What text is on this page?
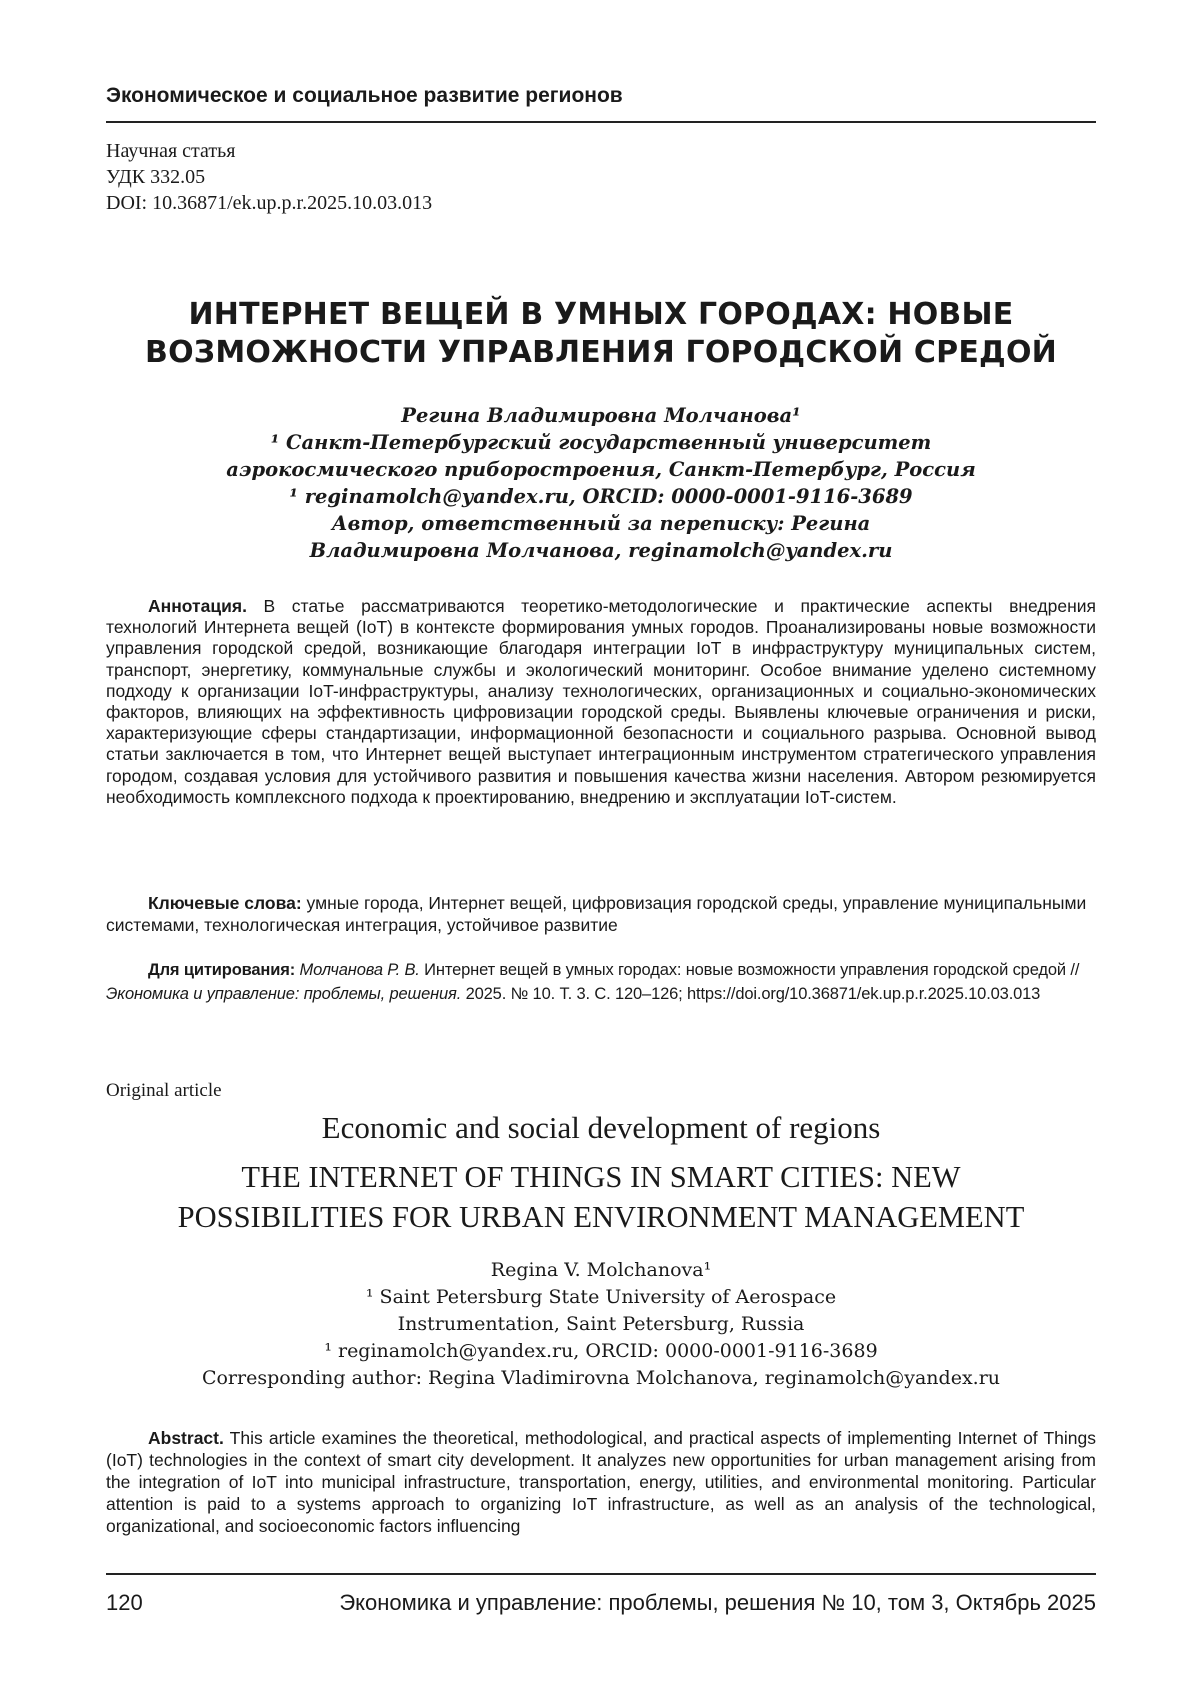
Экономическое и социальное развитие регионов
Научная статья
УДК 332.05
DOI: 10.36871/ek.up.p.r.2025.10.03.013
ИНТЕРНЕТ ВЕЩЕЙ В УМНЫХ ГОРОДАХ: НОВЫЕ
ВОЗМОЖНОСТИ УПРАВЛЕНИЯ ГОРОДСКОЙ СРЕДОЙ
Регина Владимировна Молчанова¹
¹ Санкт-Петербургский государственный университет
аэрокосмического приборостроения, Санкт-Петербург, Россия
¹ reginamolch@yandex.ru, ORCID: 0000-0001-9116-3689
Автор, ответственный за переписку: Регина
Владимировна Молчанова, reginamolch@yandex.ru

Аннотация. В статье рассматриваются теоретико-методологические и практические аспекты внедрения технологий Интернета вещей (IoT) в контексте формирования умных городов. Проанализированы новые возможности управления городской средой, возникающие благодаря интеграции IoT в инфраструктуру муниципальных систем, транспорт, энергетику, коммунальные службы и экологический мониторинг. Особое внимание уделено системному подходу к организации IoT-инфраструктуры, анализу технологических, организационных и социально-экономических факторов, влияющих на эффективность цифровизации городской среды. Выявлены ключевые ограничения и риски, характеризующие сферы стандартизации, информационной безопасности и социального разрыва. Основной вывод статьи заключается в том, что Интернет вещей выступает интеграционным инструментом стратегического управления городом, создавая условия для устойчивого развития и повышения качества жизни населения. Автором резюмируется необходимость комплексного подхода к проектированию, внедрению и эксплуатации IoT-систем.

Ключевые слова: умные города, Интернет вещей, цифровизация городской среды, управление муниципальными системами, технологическая интеграция, устойчивое развитие

Для цитирования: Молчанова Р. В. Интернет вещей в умных городах: новые возможности управления городской средой // Экономика и управление: проблемы, решения. 2025. № 10. Т. 3. С. 120–126; https://doi.org/10.36871/ek.up.p.r.2025.10.03.013

Original article
Economic and social development of regions
THE INTERNET OF THINGS IN SMART CITIES: NEW
POSSIBILITIES FOR URBAN ENVIRONMENT MANAGEMENT
Regina V. Molchanova¹
¹ Saint Petersburg State University of Aerospace
Instrumentation, Saint Petersburg, Russia
¹ reginamolch@yandex.ru, ORCID: 0000-0001-9116-3689
Corresponding author: Regina Vladimirovna Molchanova, reginamolch@yandex.ru

Abstract. This article examines the theoretical, methodological, and practical aspects of implementing Internet of Things (IoT) technologies in the context of smart city development. It analyzes new opportunities for urban management arising from the integration of IoT into municipal infrastructure, transportation, energy, utilities, and environmental monitoring. Particular attention is paid to a systems approach to organizing IoT infrastructure, as well as an analysis of the technological, organizational, and socioeconomic factors influencing

120	Экономика и управление: проблемы, решения № 10, том 3, Октябрь 2025
